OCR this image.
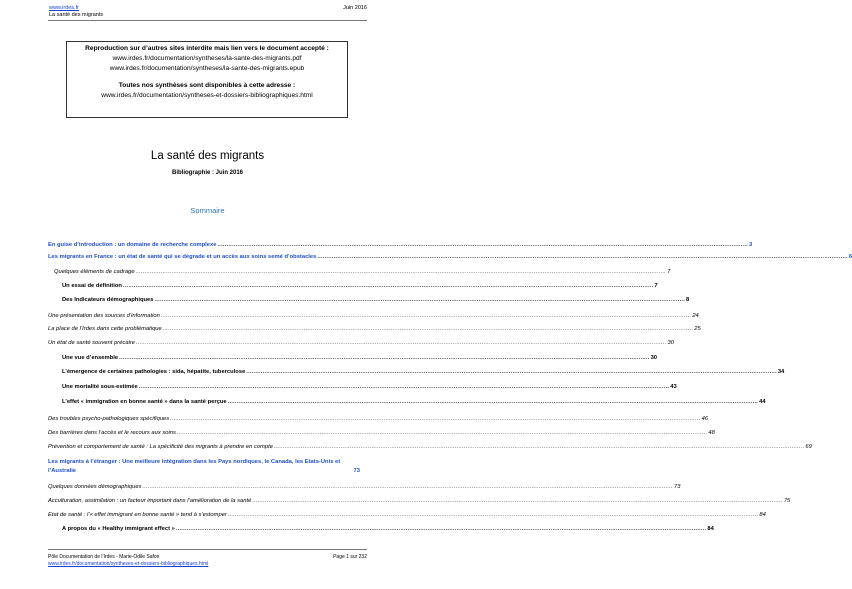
www.irdes.fr
La santé des migrants
Juin 2016
Reproduction sur d’autres sites interdite mais lien vers le document accepté :
www.irdes.fr/documentation/syntheses/la-sante-des-migrants.pdf
www.irdes.fr/documentation/syntheses/la-sante-des-migrants.epub
Toutes nos synthèses sont disponibles à cette adresse :
www.irdes.fr/documentation/syntheses-et-dossiers-bibliographiques.html
La santé des migrants
Bibliographie : Juin 2016
Sommaire
En guise d’introduction : un domaine de recherche complexe .....	3
Les migrants en France : un état de santé qui se dégrade et un accès aux soins semé d’obstacles .....	6
Quelques éléments de cadrage .....	7
Un essai de définition .....	7
Des Indicateurs démographiques .....	8
Une présentation des sources d’information .....	24
La place de l’Irdes dans cette problématique .....	25
Un état de santé souvent précaire .....	30
Une vue d’ensemble .....	30
L’émergence de certaines pathologies : sida, hépatite, tuberculose .....	34
Une mortalité sous-estimée .....	43
L’effet « immigration en bonne santé » dans la santé perçue .....	44
Des troubles psycho-pathologiques spécifiques .....	46
Des barrières dans l’accès et le recours aux soins .....	48
Prévention et comportement de santé : La spécificité des migrants à prendre en compte .....	69
Les migrants à l’étranger : Une meilleure intégration dans les Pays nordiques, le Canada, les Etats-Unis et l’Australie	73
Quelques données démographiques .....	73
Acculturation, assimilation : un facteur important dans l’amélioration de la santé .....	75
Etat de santé : l’« effet immigrant en bonne santé » tend à s’estomper .....	84
A propos du « Healthy immigrant effect » .....	84
Pôle Documentation de l’Irdes - Marie-Odile Safon
www.irdes.fr/documentation/syntheses-et-dossiers-bibliographiques.html
Page 1 sur 232
